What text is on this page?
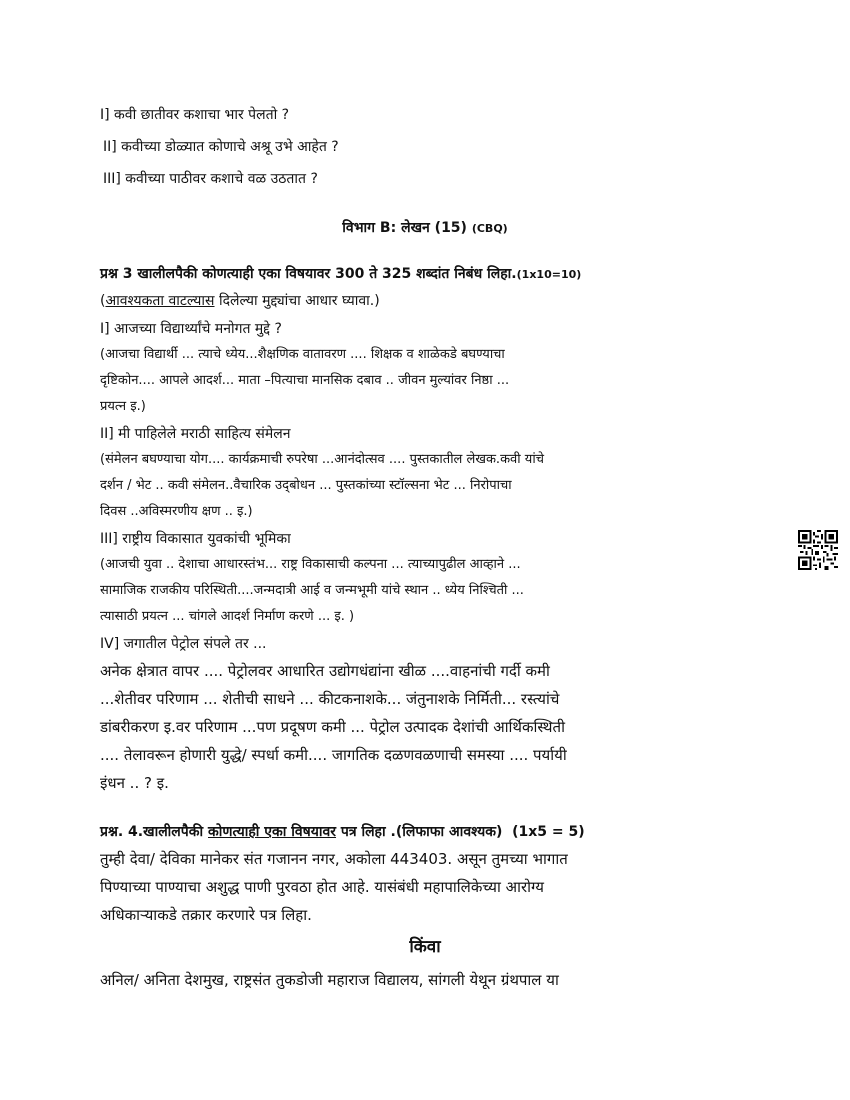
I] कवी छातीवर कशाचा भार पेलतो ?
II] कवीच्या डोळ्यात कोणाचे अश्रू उभे आहेत ?
III] कवीच्या पाठीवर कशाचे वळ उठतात ?
विभाग B: लेखन (15) (CBQ)
प्रश्न 3 खालीलपैकी कोणत्याही एका विषयावर 300 ते 325 शब्दांत निबंध लिहा.(1x10=10)
(आवश्यकता वाटल्यास दिलेल्या मुद्द्यांचा आधार घ्यावा.)
I] आजच्या विद्यार्थ्यांचे मनोगत मुद्दे ?
(आजचा विद्यार्थी ... त्याचे ध्येय...शैक्षणिक वातावरण .... शिक्षक व शाळेकडे बघण्याचा
दृष्टिकोन.... आपले आदर्श... माता –पित्याचा मानसिक दबाव .. जीवन मुल्यांवर निष्ठा ...
प्रयत्न इ.)
II] मी पाहिलेले मराठी साहित्य संमेलन
(संमेलन बघण्याचा योग.... कार्यक्रमाची रुपरेषा ...आनंदोत्सव .... पुस्तकातील लेखक.कवी यांचे
दर्शन / भेट .. कवी संमेलन..वैचारिक उद्‌बोधन ... पुस्तकांच्या स्टॉल्सना भेट ... निरोपाचा
दिवस ..अविस्मरणीय क्षण .. इ.)
III] राष्ट्रीय विकासात युवकांची भूमिका
(आजची युवा .. देशाचा आधारस्तंभ... राष्ट्र विकासाची कल्पना ... त्याच्यापुढील आव्हाने ...
सामाजिक राजकीय परिस्थिती....जन्मदात्री आई व जन्मभूमी यांचे स्थान .. ध्येय निश्चिती ...
त्यासाठी प्रयत्न ... चांगले आदर्श निर्माण करणे ... इ. )
IV] जगातील पेट्रोल संपले तर ...
अनेक क्षेत्रात वापर .... पेट्रोलवर आधारित उद्योगधंद्यांना खीळ ....वाहनांची गर्दी कमी
...शेतीवर परिणाम ... शेतीची साधने ... कीटकनाशके... जंतुनाशके निर्मिती... रस्त्यांचे
डांबरीकरण इ.वर परिणाम ...पण प्रदूषण कमी ... पेट्रोल उत्पादक देशांची आर्थिकस्थिती
.... तेलावरून होणारी युद्धे/ स्पर्धा कमी.... जागतिक दळणवळणाची समस्या .... पर्यायी
इंधन .. ? इ.
प्रश्न. 4.खालीलपैकी कोणत्याही एका विषयावर पत्र लिहा .(लिफाफा आवश्यक) (1x5 = 5)
तुम्ही देवा/ देविका मानेकर संत गजानन नगर, अकोला 443403. असून तुमच्या भागात
पिण्याच्या पाण्याचा अशुद्ध पाणी पुरवठा होत आहे. यासंबंधी महापालिकेच्या आरोग्य
अधिकाऱ्याकडे तक्रार करणारे पत्र लिहा.
किंवा
अनिल/ अनिता देशमुख, राष्ट्रसंत तुकडोजी महाराज विद्यालय, सांगली येथून ग्रंथपाल या
